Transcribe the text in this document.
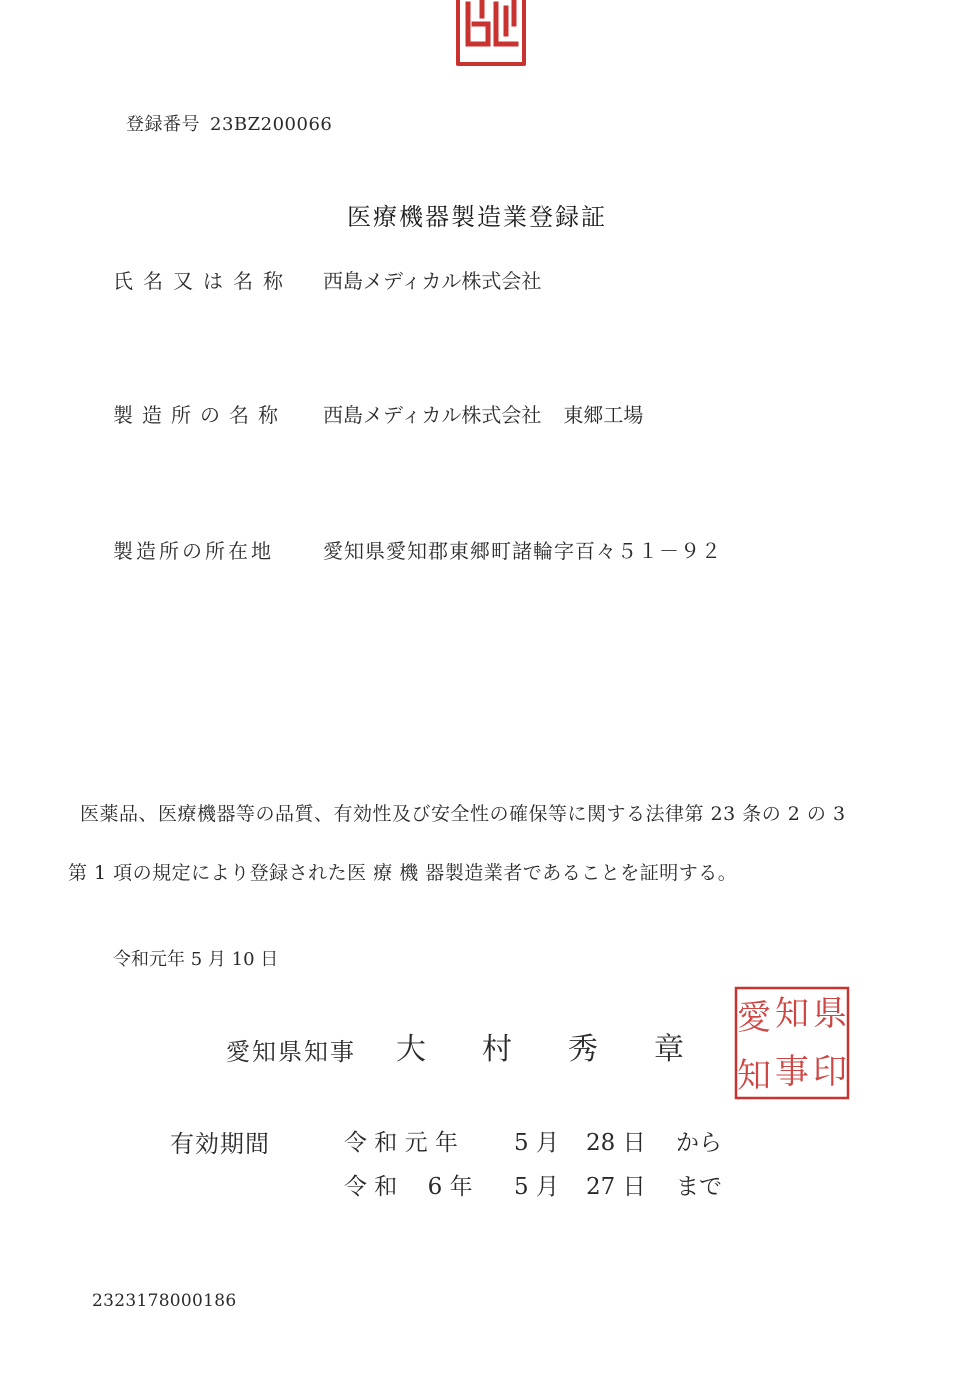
登録番号 23BZ200066
医療機器製造業登録証
氏名又は名称 西島メディカル株式会社
製造所の名称 西島メディカル株式会社 東郷工場
製造所の所在地 愛知県愛知郡東郷町諸輪字百々５１－９２
医薬品、医療機器等の品質、有効性及び安全性の確保等に関する法律第 23 条の 2 の 3
第 1 項の規定により登録された医 療 機 器製造業者であることを証明する。
令和元年 5 月 10 日
愛知県知事 大 村 秀 章
県
知
愛
印
事
知
有効期間	令 和 元 年 5 月 28 日 から
令 和　 6 年 5 月 27 日 まで
2323178000186
